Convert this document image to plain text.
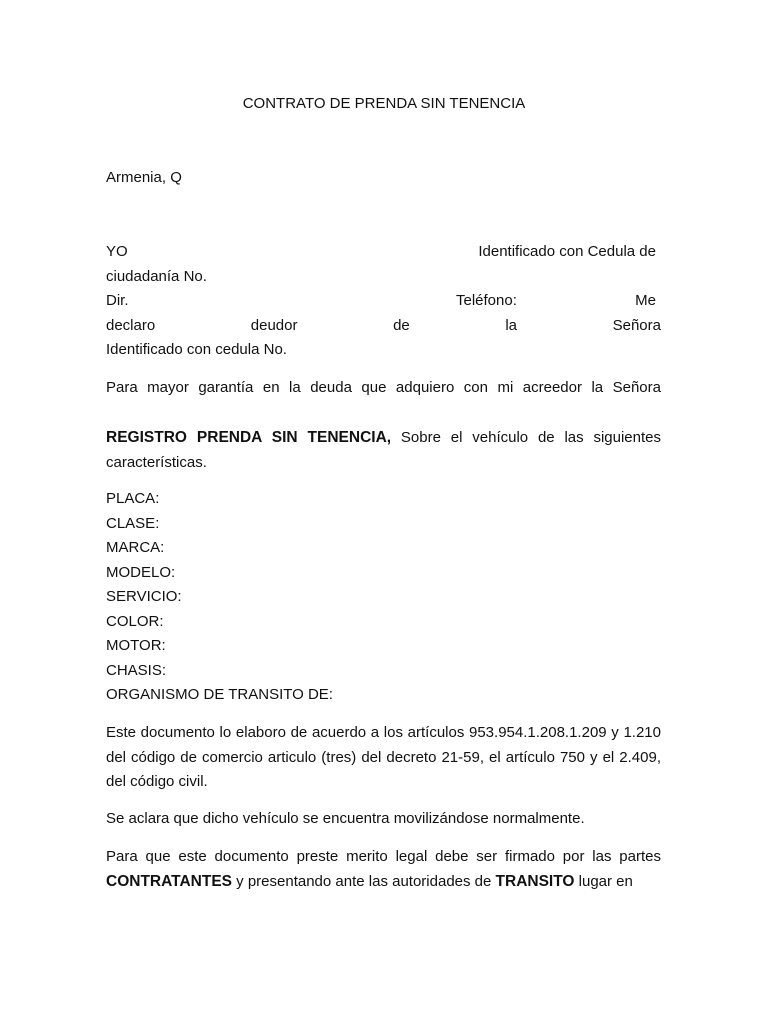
CONTRATO DE PRENDA SIN TENENCIA
Armenia, Q
YO	Identificado con Cedula de
ciudadanía No.
Dir.	Teléfono:	Me
declaro	deudor	de	la	Señora
Identificado con cedula No.
Para mayor garantía en la deuda que adquiero con mi acreedor la Señora
REGISTRO PRENDA SIN TENENCIA, Sobre el vehículo de las siguientes características.
PLACA:
CLASE:
MARCA:
MODELO:
SERVICIO:
COLOR:
MOTOR:
CHASIS:
ORGANISMO DE TRANSITO DE:
Este documento lo elaboro de acuerdo a los artículos 953.954.1.208.1.209 y 1.210 del código de comercio articulo (tres) del decreto 21-59, el artículo 750 y el 2.409, del código civil.
Se aclara que dicho vehículo se encuentra movilizándose normalmente.
Para que este documento preste merito legal debe ser firmado por las partes CONTRATANTES y presentando ante las autoridades de TRANSITO lugar en
